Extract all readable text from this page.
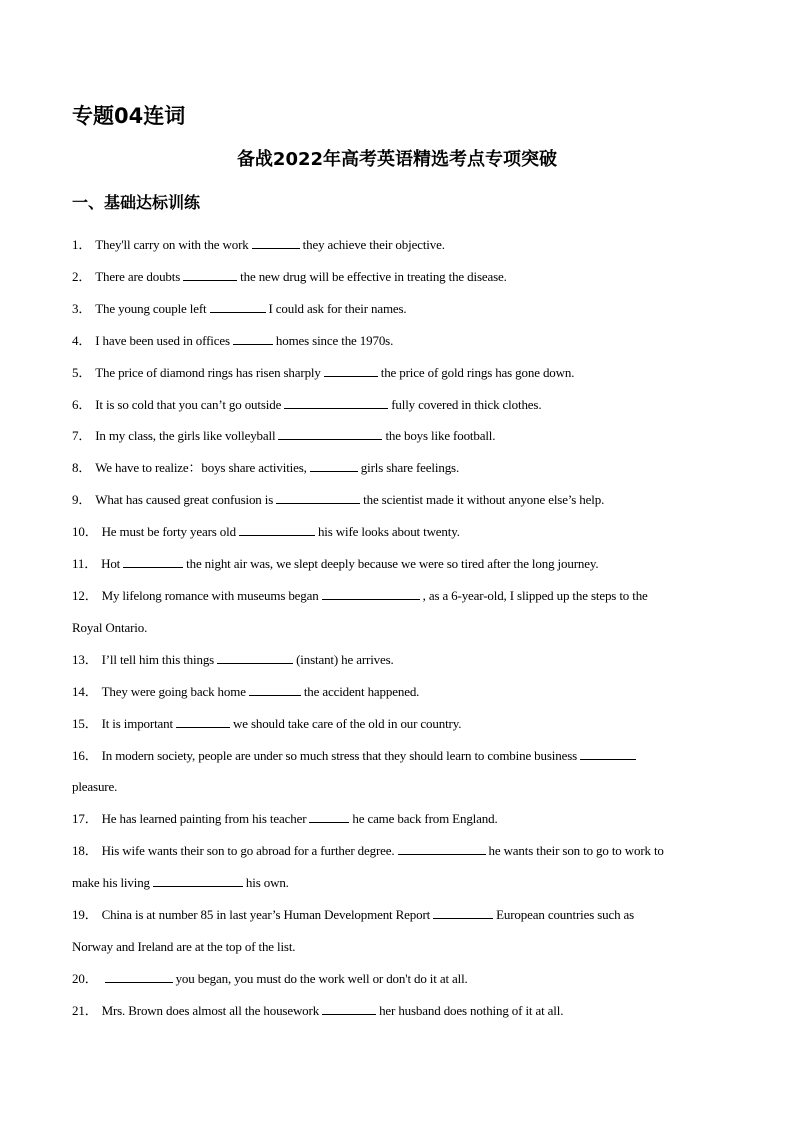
专题04连词
备战2022年高考英语精选考点专项突破
一、基础达标训练
1． They'll carry on with the work	they achieve their objective.
2． There are doubts	the new drug will be effective in treating the disease.
3． The young couple left	I could ask for their names.
4． I have been used in offices	homes since the 1970s.
5． The price of diamond rings has risen sharply	the price of gold rings has gone down.
6． It is so cold that you can’t go outside	fully covered in thick clothes.
7． In my class, the girls like volleyball	the boys like football.
8． We have to realize：boys share activities,	girls share feelings.
9． What has caused great confusion is	the scientist made it without anyone else’s help.
10． He must be forty years old	his wife looks about twenty.
11． Hot	the night air was, we slept deeply because we were so tired after the long journey.
12． My lifelong romance with museums began	, as a 6-year-old, I slipped up the steps to the
Royal Ontario.
13． I’ll tell him this things	(instant) he arrives.
14． They were going back home	the accident happened.
15． It is important	we should take care of the old in our country.
16． In modern society, people are under so much stress that they should learn to combine business
pleasure.
17． He has learned painting from his teacher	he came back from England.
18． His wife wants their son to go abroad for a further degree.	he wants their son to go to work to
make his living	his own.
19． China is at number 85 in last year’s Human Development Report	European countries such as
Norway and Ireland are at the top of the list.
20．	you began, you must do the work well or don't do it at all.
21． Mrs. Brown does almost all the housework	her husband does nothing of it at all.
